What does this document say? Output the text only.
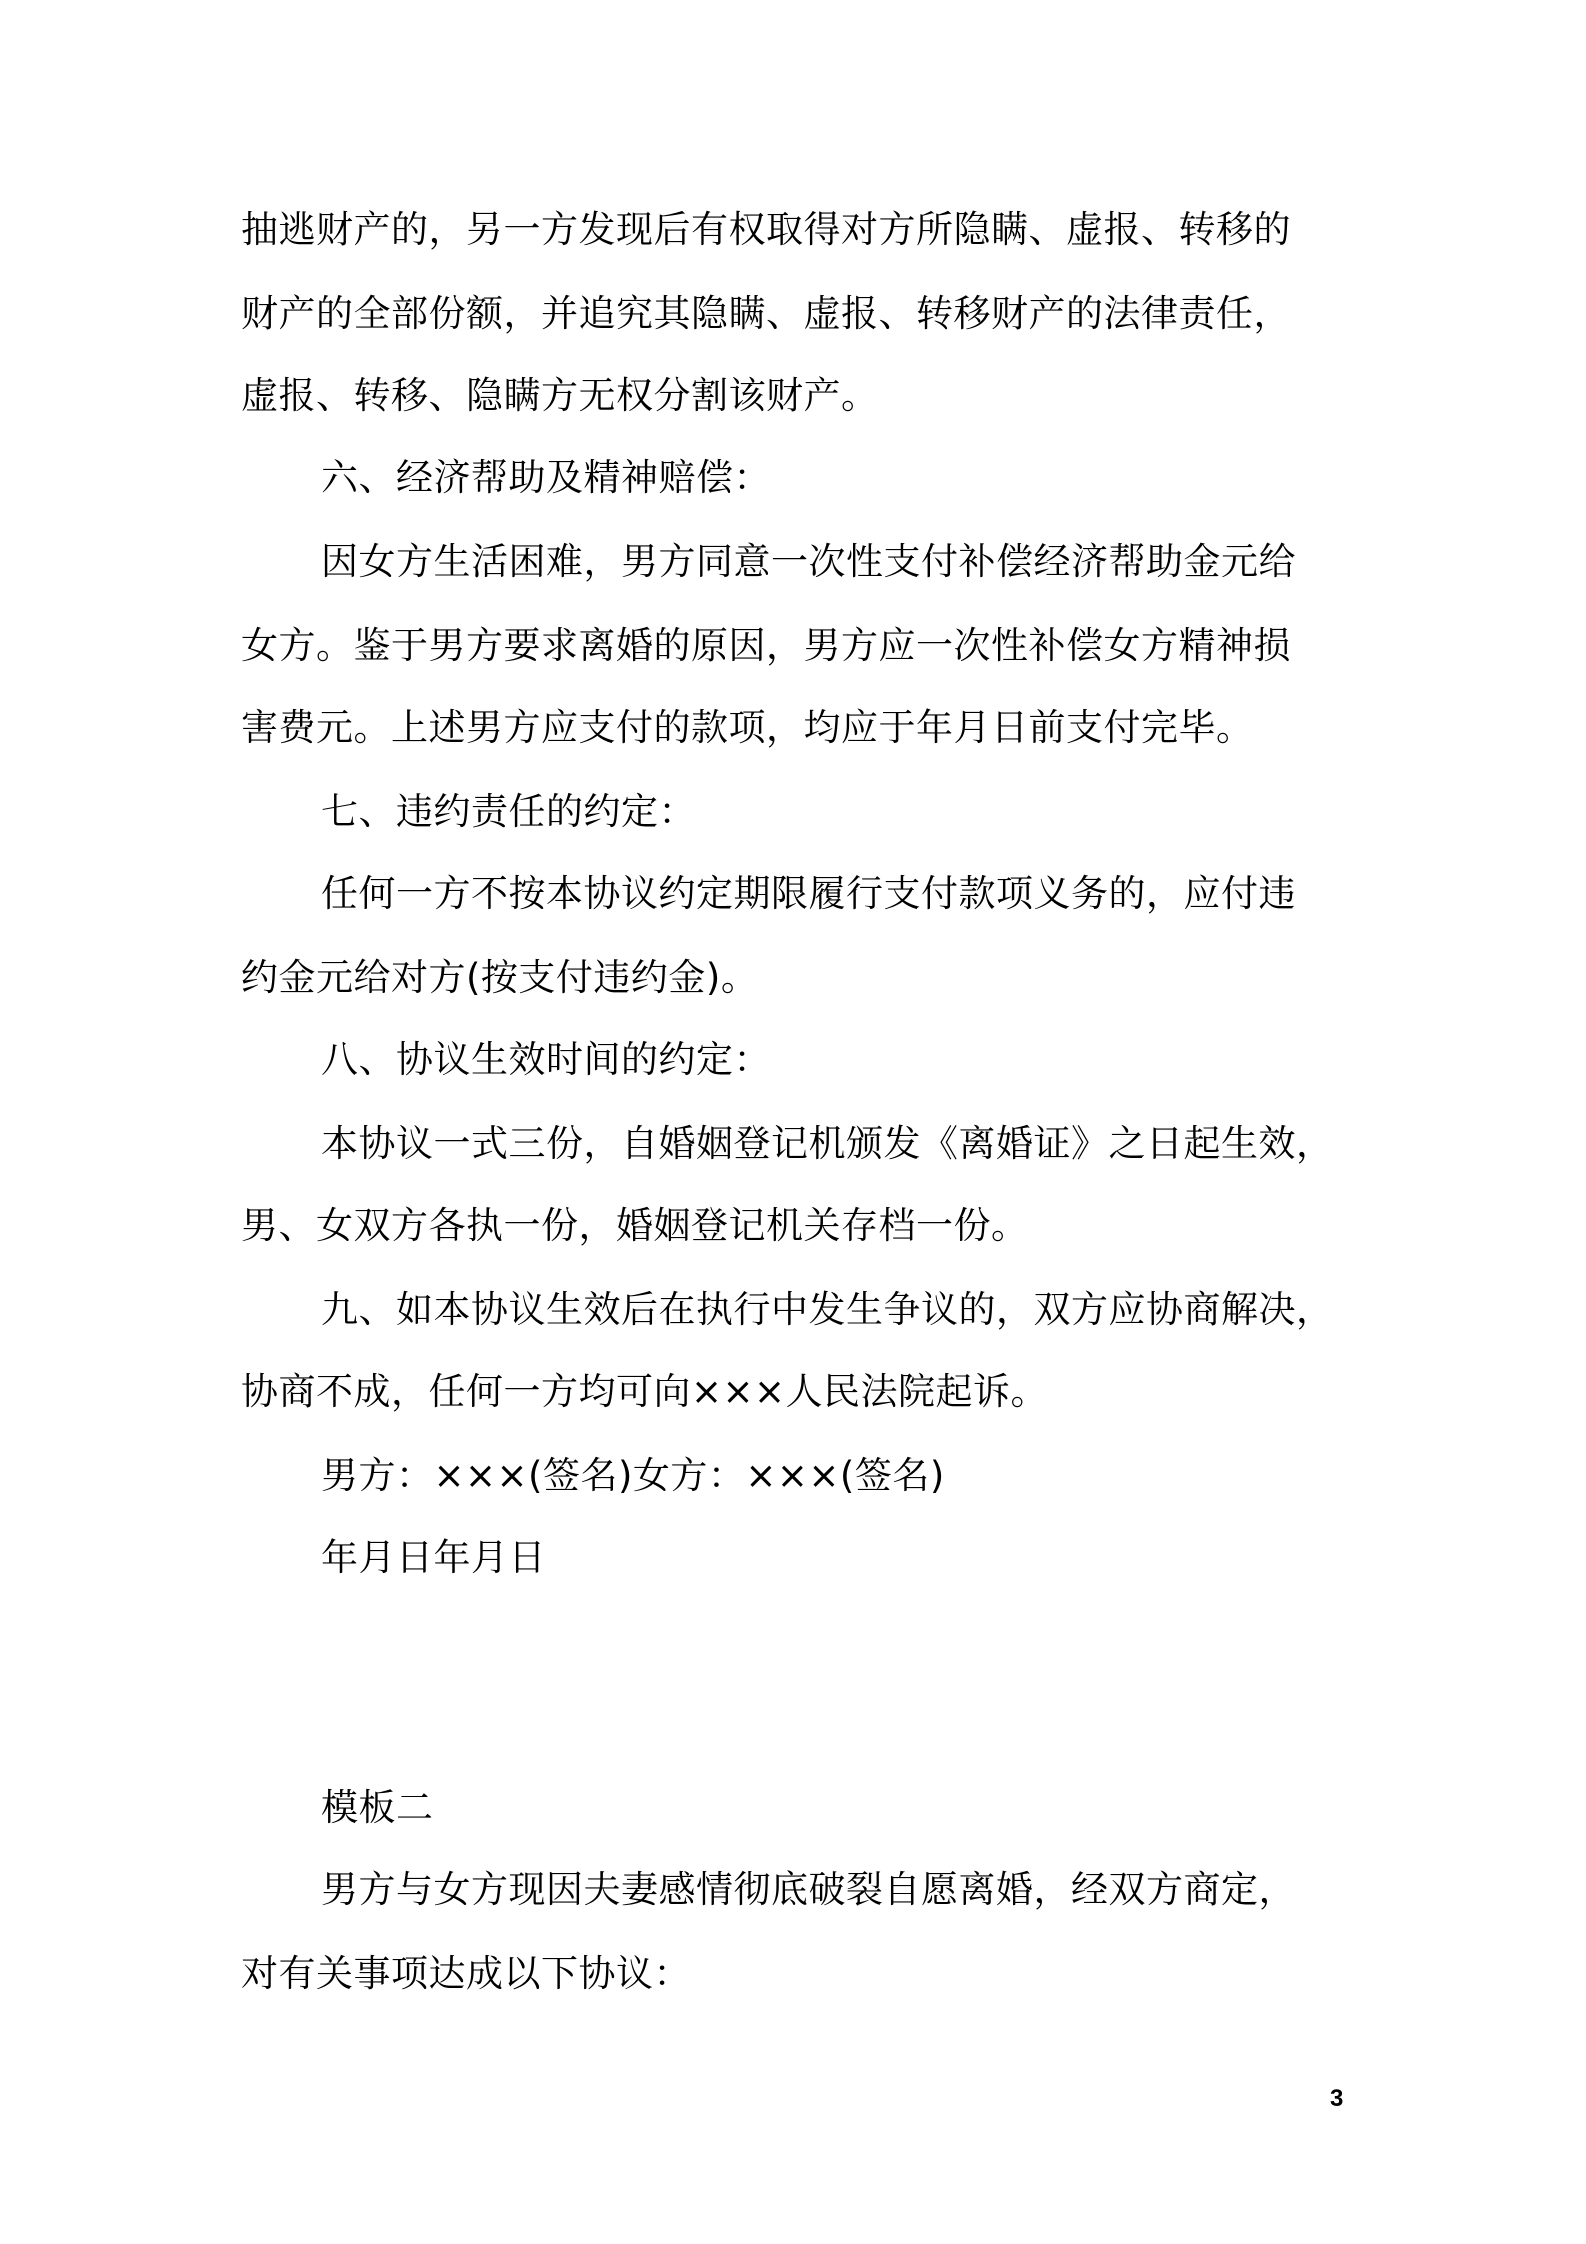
抽逃财产的，另一方发现后有权取得对方所隐瞒、虚报、转移的
财产的全部份额，并追究其隐瞒、虚报、转移财产的法律责任，
虚报、转移、隐瞒方无权分割该财产。
六、经济帮助及精神赔偿：
因女方生活困难，男方同意一次性支付补偿经济帮助金元给
女方。鉴于男方要求离婚的原因，男方应一次性补偿女方精神损
害费元。上述男方应支付的款项，均应于年月日前支付完毕。
七、违约责任的约定：
任何一方不按本协议约定期限履行支付款项义务的，应付违
约金元给对方(按支付违约金)。
八、协议生效时间的约定：
本协议一式三份，自婚姻登记机颁发《离婚证》之日起生效，
男、女双方各执一份，婚姻登记机关存档一份。
九、如本协议生效后在执行中发生争议的，双方应协商解决，
协商不成，任何一方均可向×××人民法院起诉。
男方：×××(签名)女方：×××(签名)
年月日年月日
模板二
男方与女方现因夫妻感情彻底破裂自愿离婚，经双方商定，
对有关事项达成以下协议：
3
